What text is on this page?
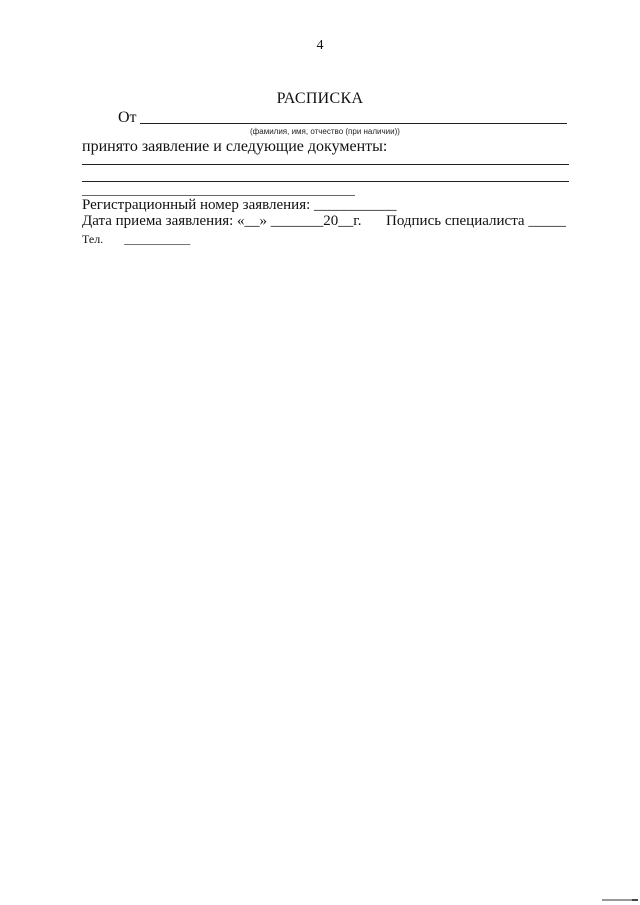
4
РАСПИСКА
От
(фамилия, имя, отчество (при наличии))
принято заявление и следующие документы:
Регистрационный номер заявления: ___________
Дата приема заявления: «__» _______20__г. Подпись специалиста _____
Тел. ___________
